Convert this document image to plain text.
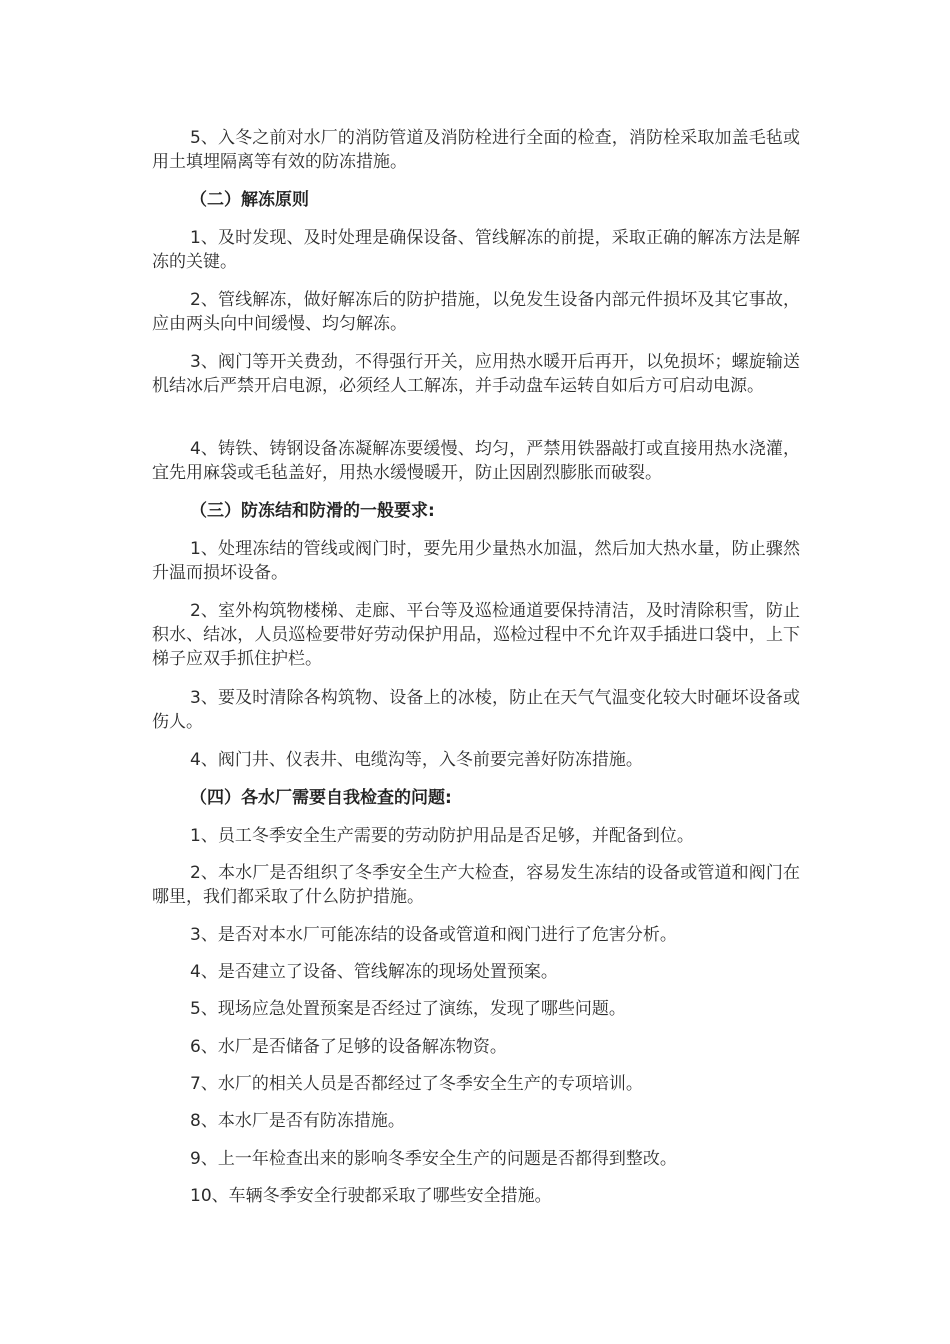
5、入冬之前对水厂的消防管道及消防栓进行全面的检查，消防栓采取加盖毛毡或用土填埋隔离等有效的防冻措施。
（二）解冻原则
1、及时发现、及时处理是确保设备、管线解冻的前提，采取正确的解冻方法是解冻的关键。
2、管线解冻，做好解冻后的防护措施，以免发生设备内部元件损坏及其它事故，应由两头向中间缓慢、均匀解冻。
3、阀门等开关费劲，不得强行开关，应用热水暖开后再开，以免损坏；螺旋输送机结冰后严禁开启电源，必须经人工解冻，并手动盘车运转自如后方可启动电源。
4、铸铁、铸钢设备冻凝解冻要缓慢、均匀，严禁用铁器敲打或直接用热水浇灌，宜先用麻袋或毛毡盖好，用热水缓慢暖开，防止因剧烈膨胀而破裂。
（三）防冻结和防滑的一般要求:
1、处理冻结的管线或阀门时，要先用少量热水加温，然后加大热水量，防止骤然升温而损坏设备。
2、室外构筑物楼梯、走廊、平台等及巡检通道要保持清洁，及时清除积雪，防止积水、结冰，人员巡检要带好劳动保护用品，巡检过程中不允许双手插进口袋中，上下梯子应双手抓住护栏。
3、要及时清除各构筑物、设备上的冰棱，防止在天气气温变化较大时砸坏设备或伤人。
4、阀门井、仪表井、电缆沟等，入冬前要完善好防冻措施。
（四）各水厂需要自我检查的问题:
1、员工冬季安全生产需要的劳动防护用品是否足够，并配备到位。
2、本水厂是否组织了冬季安全生产大检查，容易发生冻结的设备或管道和阀门在哪里，我们都采取了什么防护措施。
3、是否对本水厂可能冻结的设备或管道和阀门进行了危害分析。
4、是否建立了设备、管线解冻的现场处置预案。
5、现场应急处置预案是否经过了演练，发现了哪些问题。
6、水厂是否储备了足够的设备解冻物资。
7、水厂的相关人员是否都经过了冬季安全生产的专项培训。
8、本水厂是否有防冻措施。
9、上一年检查出来的影响冬季安全生产的问题是否都得到整改。
10、车辆冬季安全行驶都采取了哪些安全措施。
